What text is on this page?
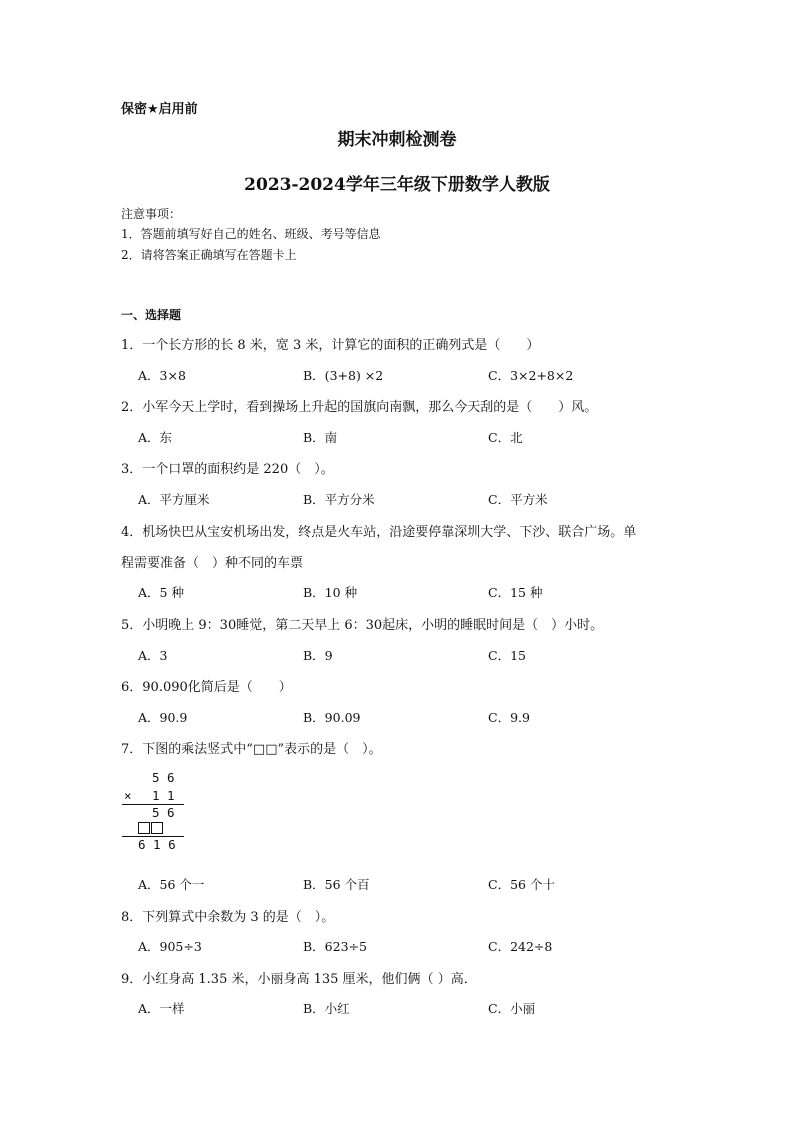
保密★启用前
期末冲刺检测卷
2023-2024学年三年级下册数学人教版
注意事项：
1．答题前填写好自己的姓名、班级、考号等信息
2．请将答案正确填写在答题卡上
一、选择题
1．一个长方形的长 8 米，宽 3 米，计算它的面积的正确列式是（　　）
A．3×8	B．(3+8) ×2	C．3×2+8×2
2．小军今天上学时，看到操场上升起的国旗向南飘，那么今天刮的是（　　）风。
A．东	B．南	C．北
3．一个口罩的面积约是 220（　）。
A．平方厘米	B．平方分米	C．平方米
4．机场快巴从宝安机场出发，终点是火车站，沿途要停靠深圳大学、下沙、联合广场。单
程需要准备（　）种不同的车票
A．5 种	B．10 种	C．15 种
5．小明晚上 9：30睡觉，第二天早上 6：30起床，小明的睡眠时间是（　）小时。
A．3	B．9	C．15
6．90.090化简后是（　　）
A．90.9	B．90.09	C．9.9
7．下图的乘法竖式中“□□”表示的是（　）。
5 6
× 1 1
5 6
6 1 6
A．56 个一	B．56 个百	C．56 个十
8．下列算式中余数为 3 的是（　）。
A．905÷3	B．623÷5	C．242÷8
9．小红身高 1.35 米，小丽身高 135 厘米，他们俩（ ）高．
A．一样	B．小红	C．小丽
